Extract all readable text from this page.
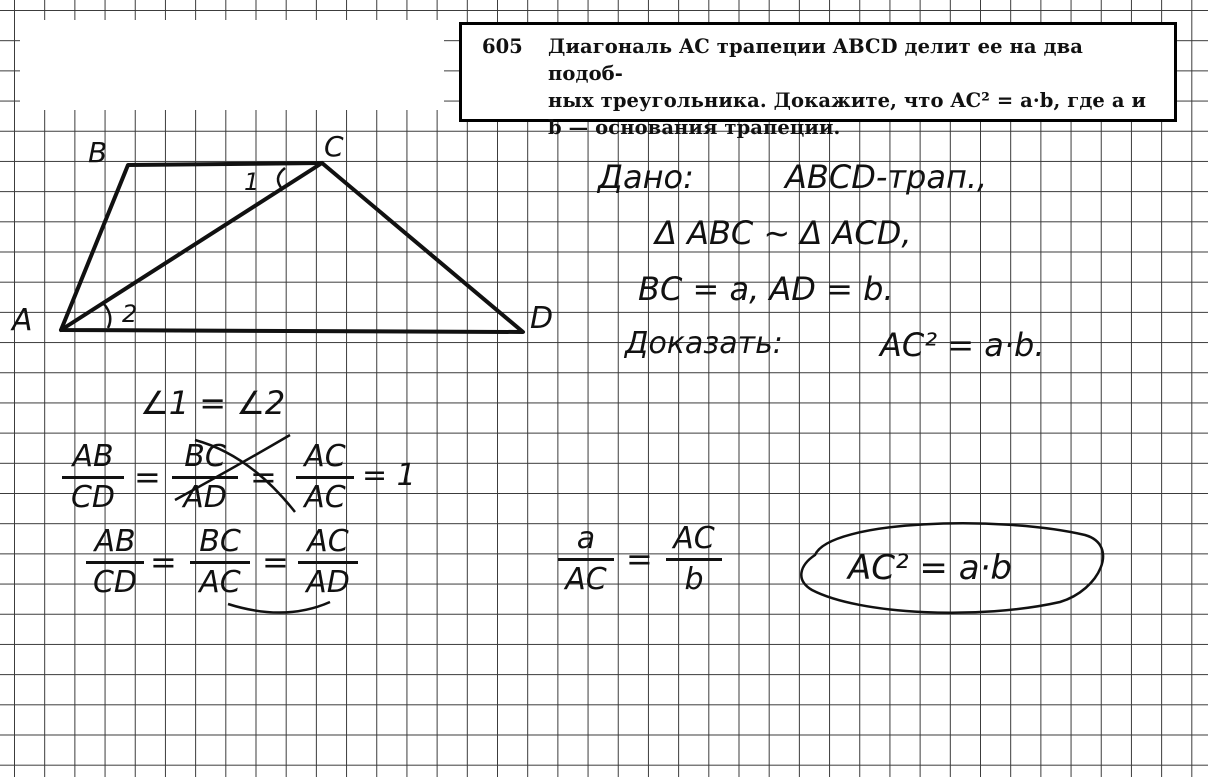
605 Диагональ AC трапеции ABCD делит ее на два подоб-
ных треугольника. Докажите, что AC² = a·b, где a и
b — основания трапеции.
A
B	C
D
1
2
Дано:	ABCD-трап.,
Δ ABC ~ Δ ACD,
BC = a, AD = b.
Доказать:	AC² = a·b.
∠1 = ∠2
AB
CD
=
BC
AD
=
AC
AC
= 1
AB
CD
=
BC
AC
=
AC
AD
a
AC
=
AC
b	AC² = a·b
